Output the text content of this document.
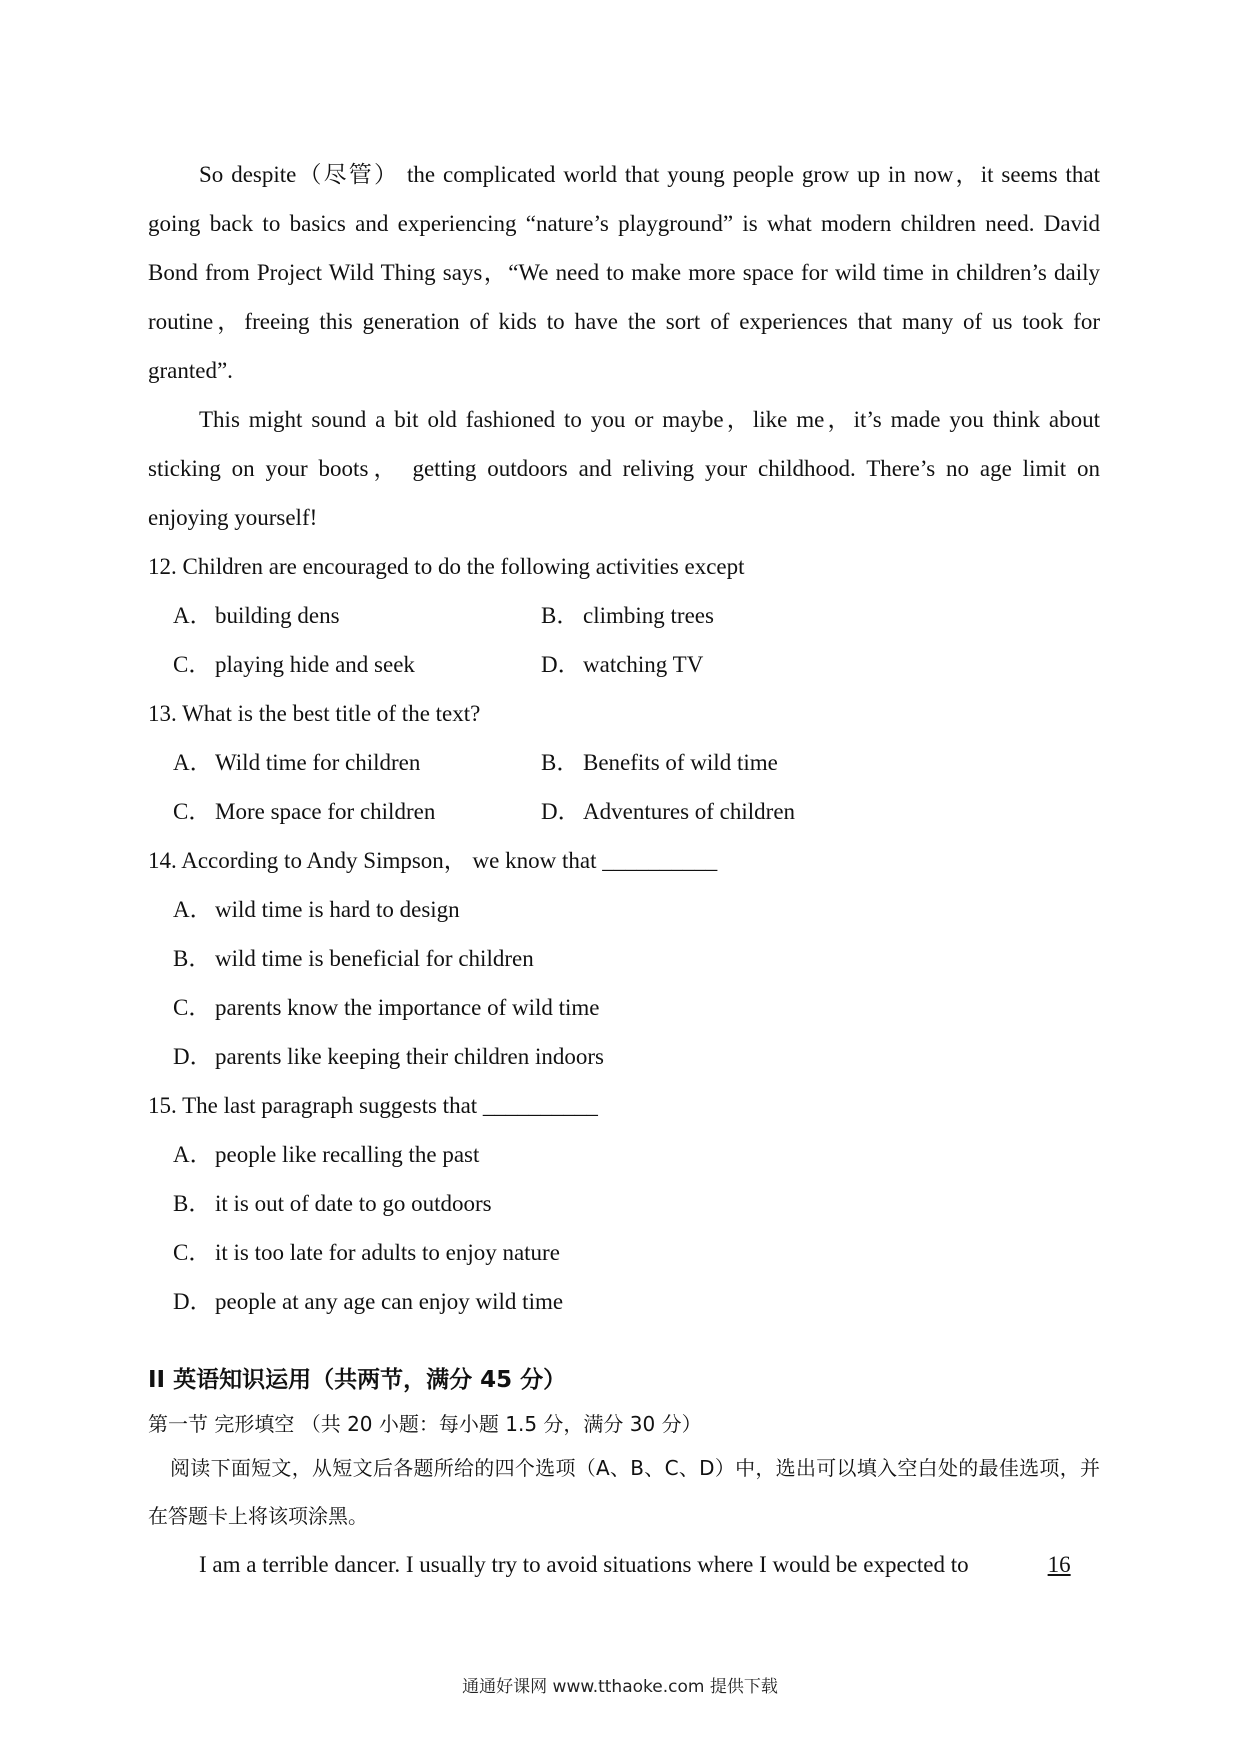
So despite（尽管） the complicated world that young people grow up in now，it seems that going back to basics and experiencing “nature’s playground” is what modern children need. David Bond from Project Wild Thing says，“We need to make more space for wild time in children’s daily routine，freeing this generation of kids to have the sort of experiences that many of us took for granted”.

This might sound a bit old fashioned to you or maybe，like me，it’s made you think about sticking on your boots， getting outdoors and reliving your childhood. There’s no age limit on enjoying yourself!

12. Children are encouraged to do the following activities except

A． building dens	B． climbing trees

C． playing hide and seek	D． watching TV

13. What is the best title of the text?

A． Wild time for children	B． Benefits of wild time

C． More space for children	D． Adventures of children

14. According to Andy Simpson， we know that __________

A． wild time is hard to design

B． wild time is beneficial for children

C． parents know the importance of wild time

D． parents like keeping their children indoors

15. The last paragraph suggests that __________

A． people like recalling the past

B． it is out of date to go outdoors

C． it is too late for adults to enjoy nature

D． people at any age can enjoy wild time

II 英语知识运用（共两节，满分 45 分）

第一节 完形填空 （共 20 小题：每小题 1.5 分，满分 30 分）

阅读下面短文，从短文后各题所给的四个选项（A、B、C、D）中，选出可以填入空白处的最佳选项，并在答题卡上将该项涂黑。

I am a terrible dancer. I usually try to avoid situations where I would be expected to	16

通通好课网 www.tthaoke.com 提供下载
